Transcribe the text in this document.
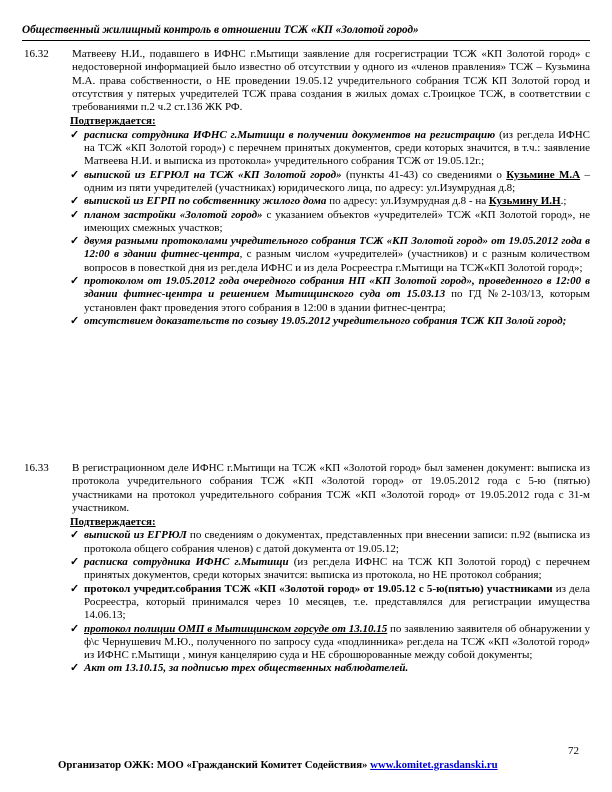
Общественный жилищный контроль в отношении ТСЖ «КП «Золотой город»
16.32	Матвееву Н.И., подавшего в ИФНС г.Мытищи заявление для госрегистрации ТСЖ «КП Золотой город» с недостоверной информацией было известно об отсутствии у одного из «членов правления» ТСЖ – Кузьмина М.А. права собственности, о НЕ проведении 19.05.12 учредительного собрания ТСЖ КП Золотой город и отсутствия у пятерых учредителей ТСЖ права создания в жилых домах с.Троицкое ТСЖ, в соответствии с требованиями п.2 ч.2 ст.136 ЖК РФ.
Подтверждается:
✓ расписка сотрудника ИФНС г.Мытищи в получении документов на регистрацию (из рег.дела ИФНС на ТСЖ «КП Золотой город») с перечнем принятых документов, среди которых значится, в т.ч.: заявление Матвеева Н.И. и выписка из протокола» учредительного собрания ТСЖ от 19.05.12г.;
✓ выпиской из ЕГРЮЛ на ТСЖ «КП Золотой город» (пункты 41-43) со сведениями о Кузьмине М.А – одним из пяти учредителей (участниках) юридического лица, по адресу: ул.Изумрудная д.8;
✓ выпиской из ЕГРП по собственнику жилого дома по адресу: ул.Изумрудная д.8 - на Кузьмину И.Н.;
✓ планом застройки «Золотой город» с указанием объектов «учредителей» ТСЖ «КП Золотой город», не имеющих смежных участков;
✓ двумя разными протоколами учредительного собрания ТСЖ «КП Золотой город» от 19.05.2012 года в 12:00 в здании фитнес-центра, с разным числом «учредителей» (участников) и с разным количеством вопросов в повесткой дня из рег.дела ИФНС и из дела Росреестра г.Мытищи на ТСЖ«КП Золотой город»;
✓ протоколом от 19.05.2012 года очередного собрания НП «КП Золотой город», проведенного в 12:00 в здании фитнес-центра и решением Мытищинского суда от 15.03.13 по ГД №2-103/13, которым установлен факт проведения этого собрания в 12:00 в здании фитнес-центра;
✓ отсутствием доказательств по созыву 19.05.2012 учредительного собрания ТСЖ КП Золой город;
16.33	В регистрационном деле ИФНС г.Мытищи на ТСЖ «КП «Золотой город» был заменен документ: выписка из протокола учредительного собрания ТСЖ «КП «Золотой город» от 19.05.2012 года с 5-ю (пятью) участниками на протокол учредительного собрания ТСЖ «КП «Золотой город» от 19.05.2012 года с 31-м участником.
Подтверждается:
✓ выпиской из ЕГРЮЛ по сведениям о документах, представленных при внесении записи: п.92 (выписка из протокола общего собрания членов) с датой документа от 19.05.12;
✓ расписка сотрудника ИФНС г.Мытищи (из рег.дела ИФНС на ТСЖ КП Золотой город) с перечнем принятых документов, среди которых значится: выписка из протокола, но НЕ протокол собрания;
✓ протокол учредит.собрания ТСЖ «КП «Золотой город» от 19.05.12 с 5-ю(пятью) участниками из дела Росреестра, который принимался через 10 месяцев, т.е. представлялся для регистрации имущества 14.06.13;
✓ протокол полиции ОМП в Мытищинском горсуде от 13.10.15 по заявлению заявителя об обнаружении у ф\с Чернушевич М.Ю., полученного по запросу суда «подлинника» рег.дела на ТСЖ «КП «Золотой город» из ИФНС г.Мытищи , минуя канцелярию суда и НЕ сброшюрованные между собой документы;
✓ Акт от 13.10.15, за подписью трех общественных наблюдателей.
72
Организатор ОЖК: МОО «Гражданский Комитет Содействия» www.komitet.grasdanski.ru
